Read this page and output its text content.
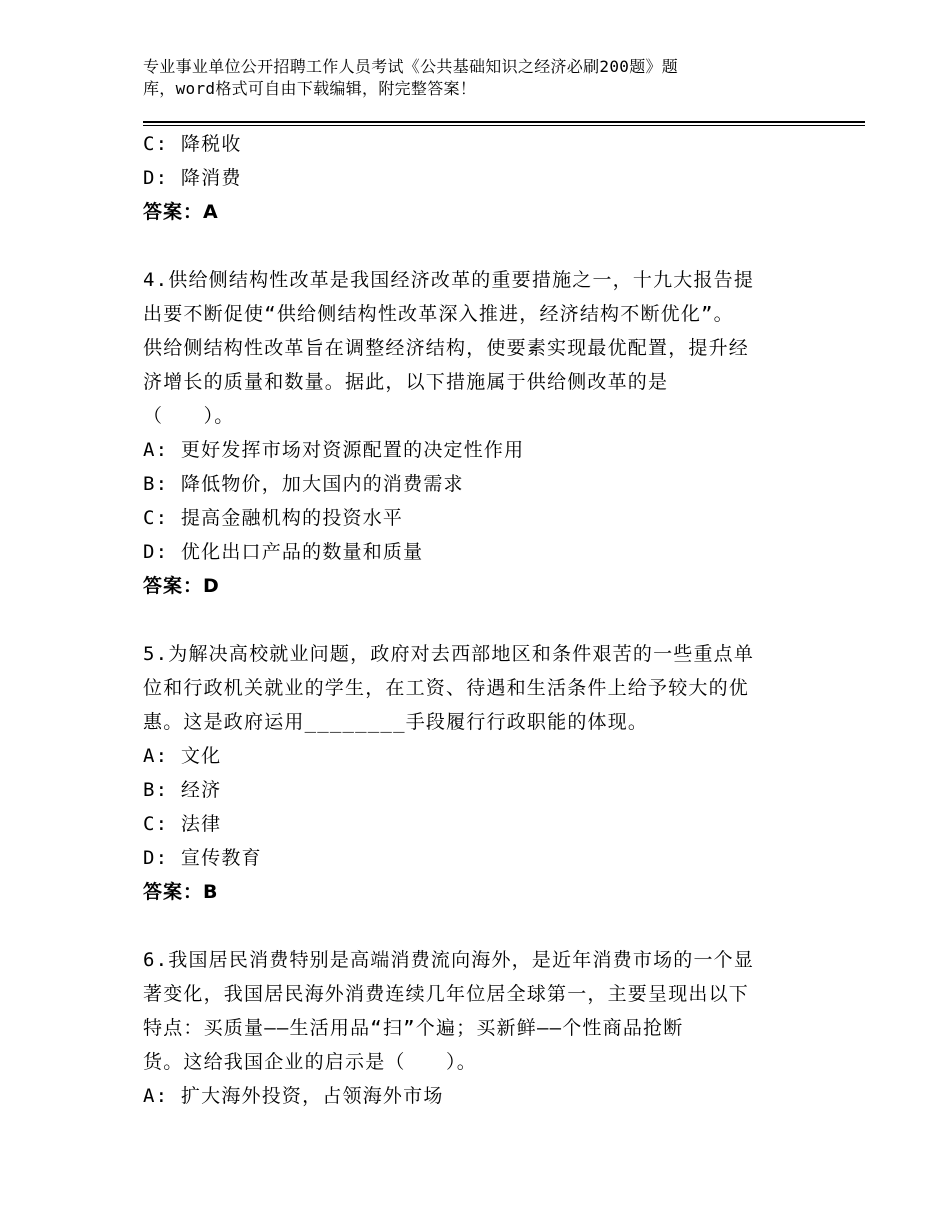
专业事业单位公开招聘工作人员考试《公共基础知识之经济必刷200题》题
库，word格式可自由下载编辑，附完整答案！
C: 降税收
D: 降消费
答案：A
4.供给侧结构性改革是我国经济改革的重要措施之一，十九大报告提
出要不断促使“供给侧结构性改革深入推进，经济结构不断优化”。
供给侧结构性改革旨在调整经济结构，使要素实现最优配置，提升经
济增长的质量和数量。据此，以下措施属于供给侧改革的是
（　　）。
A: 更好发挥市场对资源配置的决定性作用
B: 降低物价，加大国内的消费需求
C: 提高金融机构的投资水平
D: 优化出口产品的数量和质量
答案：D
5.为解决高校就业问题，政府对去西部地区和条件艰苦的一些重点单
位和行政机关就业的学生，在工资、待遇和生活条件上给予较大的优
惠。这是政府运用________手段履行行政职能的体现。
A: 文化
B: 经济
C: 法律
D: 宣传教育
答案：B
6.我国居民消费特别是高端消费流向海外，是近年消费市场的一个显
著变化，我国居民海外消费连续几年位居全球第一，主要呈现出以下
特点：买质量——生活用品“扫”个遍；买新鲜——个性商品抢断
货。这给我国企业的启示是（　　）。
A: 扩大海外投资，占领海外市场
